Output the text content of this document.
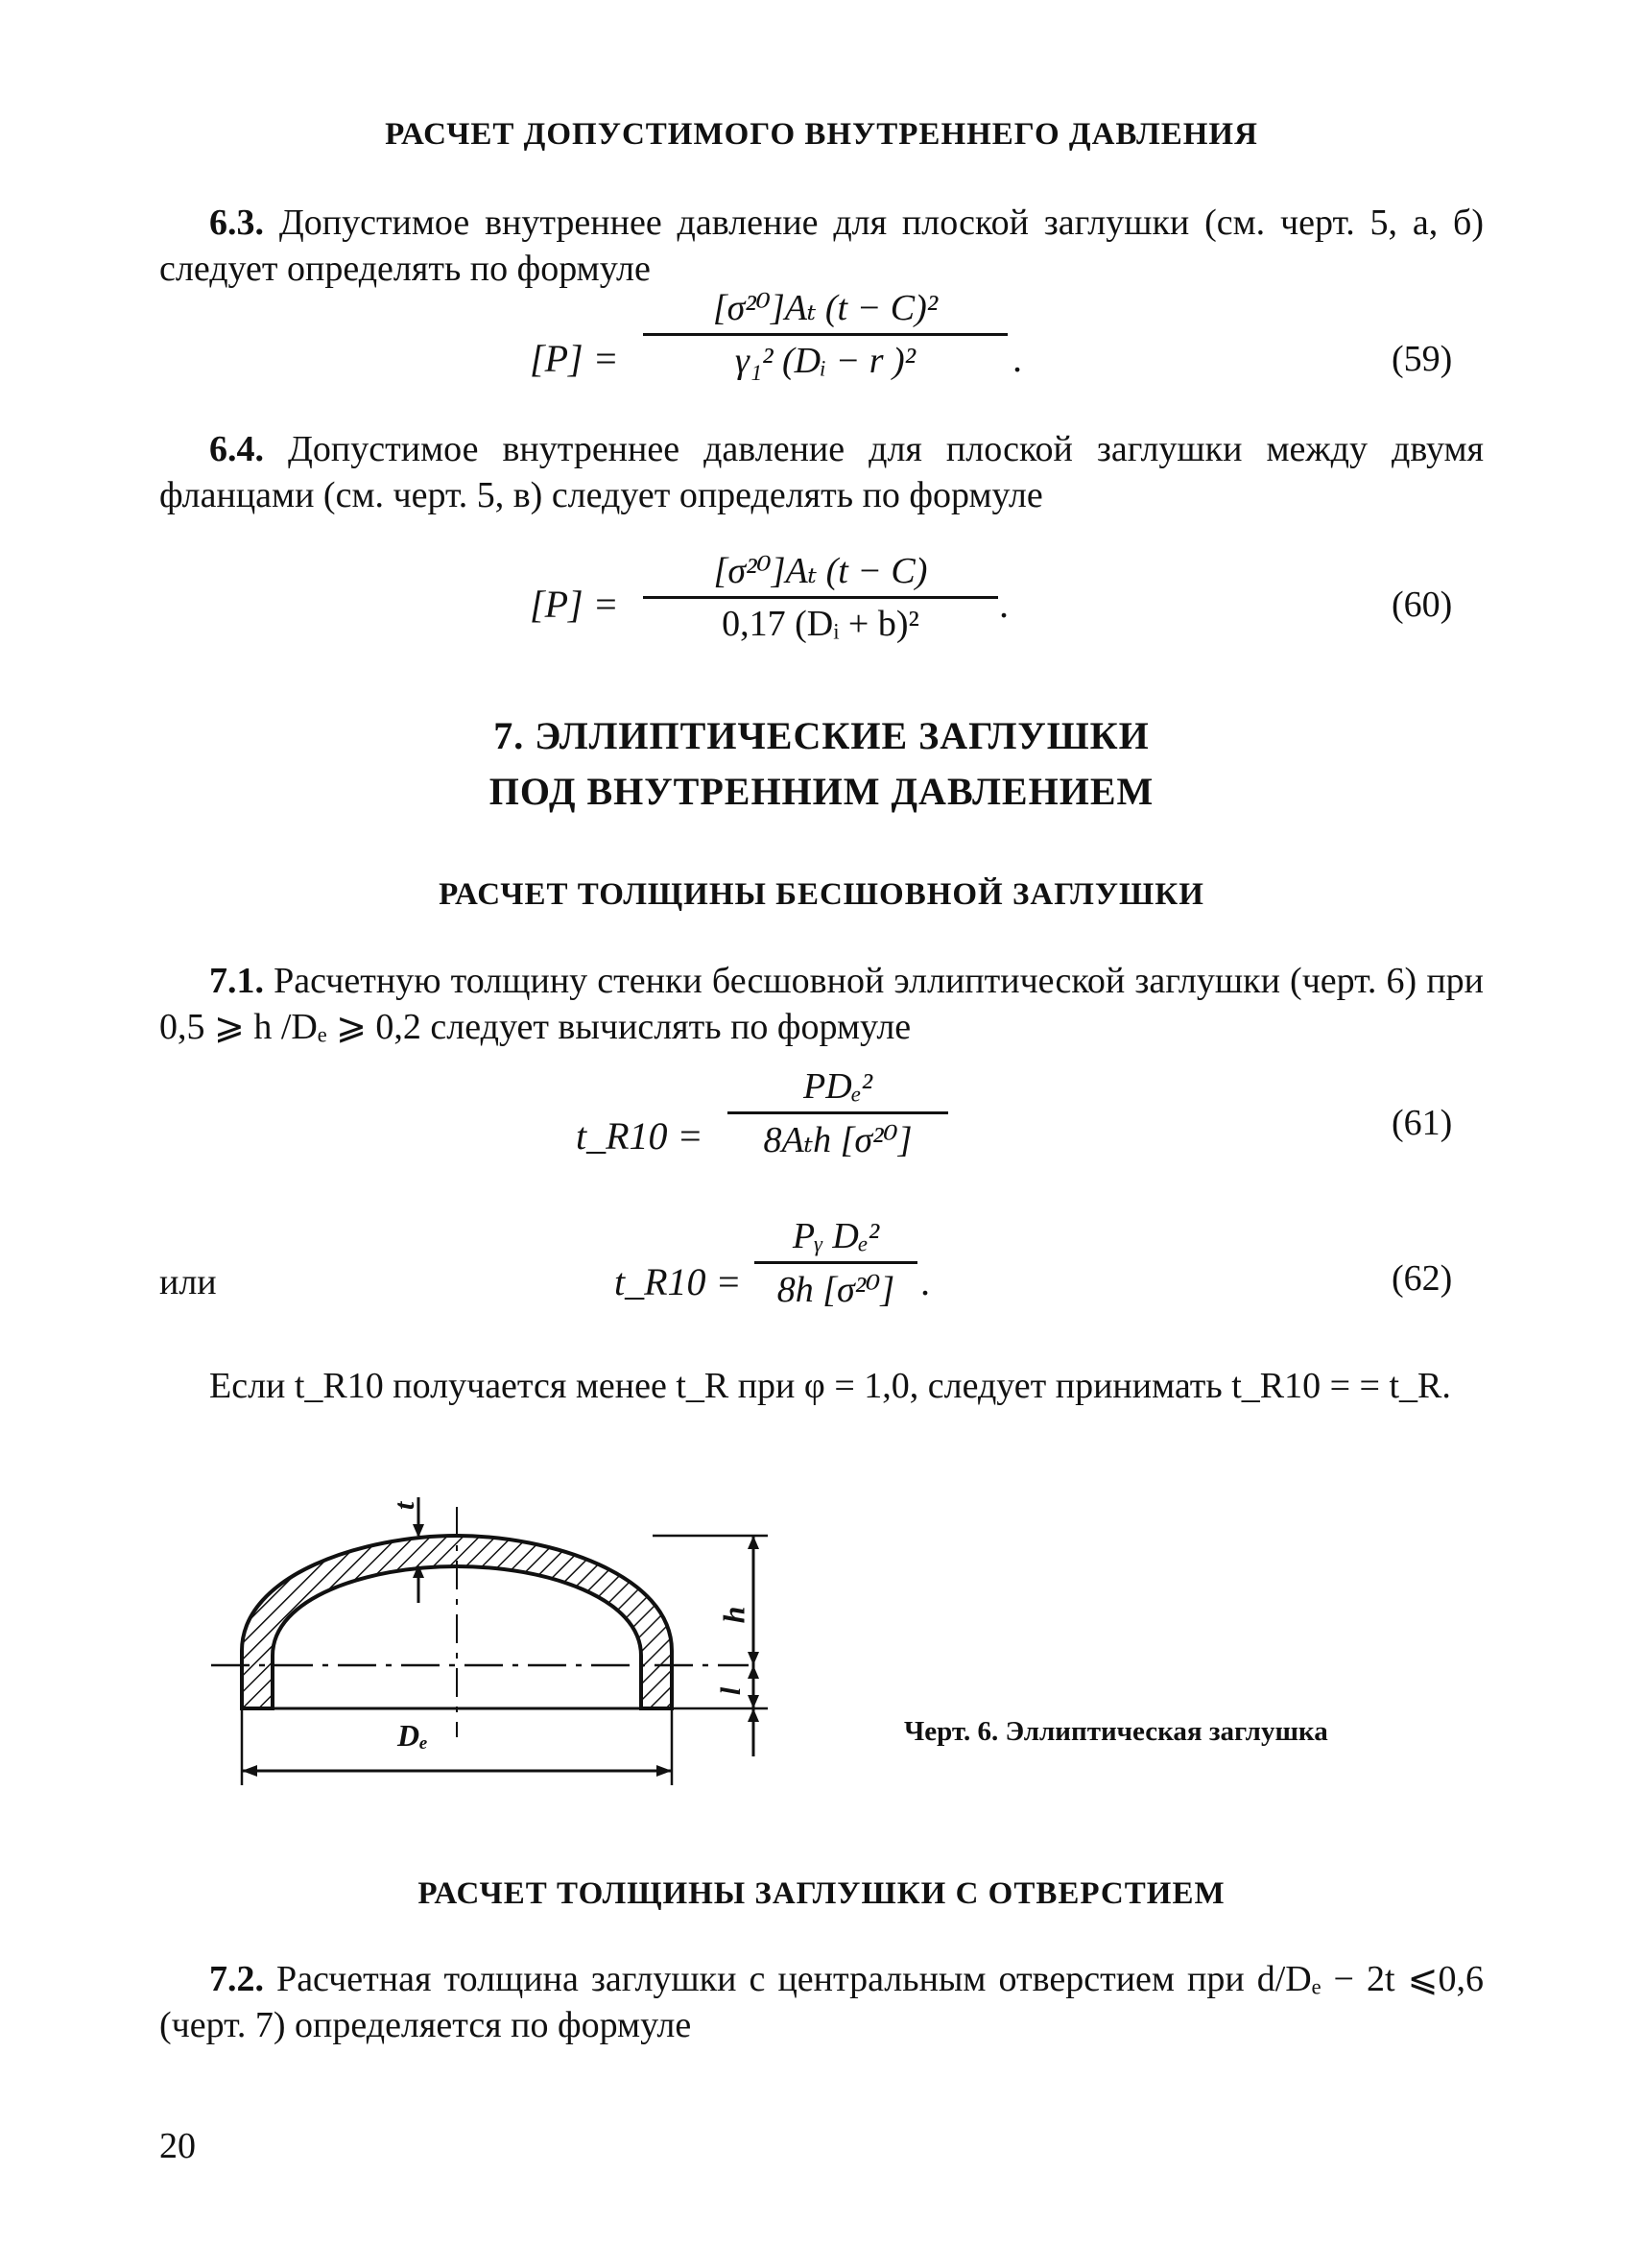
РАСЧЕТ ДОПУСТИМОГО ВНУТРЕННЕГО ДАВЛЕНИЯ
6.3. Допустимое внутреннее давление для плоской заглушки (см. черт. 5, а, б) следует определять по формуле
[P] =
[σ²⁰]Aₜ (t − C)²
γ₁² (Dᵢ − r )²	.	(59)
6.4. Допустимое внутреннее давление для плоской заглушки между двумя фланцами (см. черт. 5, в) следует определять по формуле
[P] =
[σ²⁰]Aₜ (t − C)
0,17 (Dᵢ + b)² .	(60)
7. ЭЛЛИПТИЧЕСКИЕ ЗАГЛУШКИ
ПОД ВНУТРЕННИМ ДАВЛЕНИЕМ
РАСЧЕТ ТОЛЩИНЫ БЕСШОВНОЙ ЗАГЛУШКИ
7.1. Расчетную толщину стенки бесшовной эллиптической заглушки (черт. 6) при 0,5 ⩾ h /Dₑ ⩾ 0,2 следует вычислять по формуле
t_R10 =
PDₑ²
8Aₜh [σ²⁰]	(61)
или	t_R10 =
Pᵧ Dₑ²
8h [σ²⁰] .	(62)
Если t_R10 получается менее t_R при φ = 1,0, следует принимать t_R10 = = t_R.
t
h
l
Dₑ	Черт. 6. Эллиптическая заглушка
РАСЧЕТ ТОЛЩИНЫ ЗАГЛУШКИ С ОТВЕРСТИЕМ
7.2. Расчетная толщина заглушки с центральным отверстием при d/Dₑ − 2t ⩽0,6 (черт. 7) определяется по формуле
20
